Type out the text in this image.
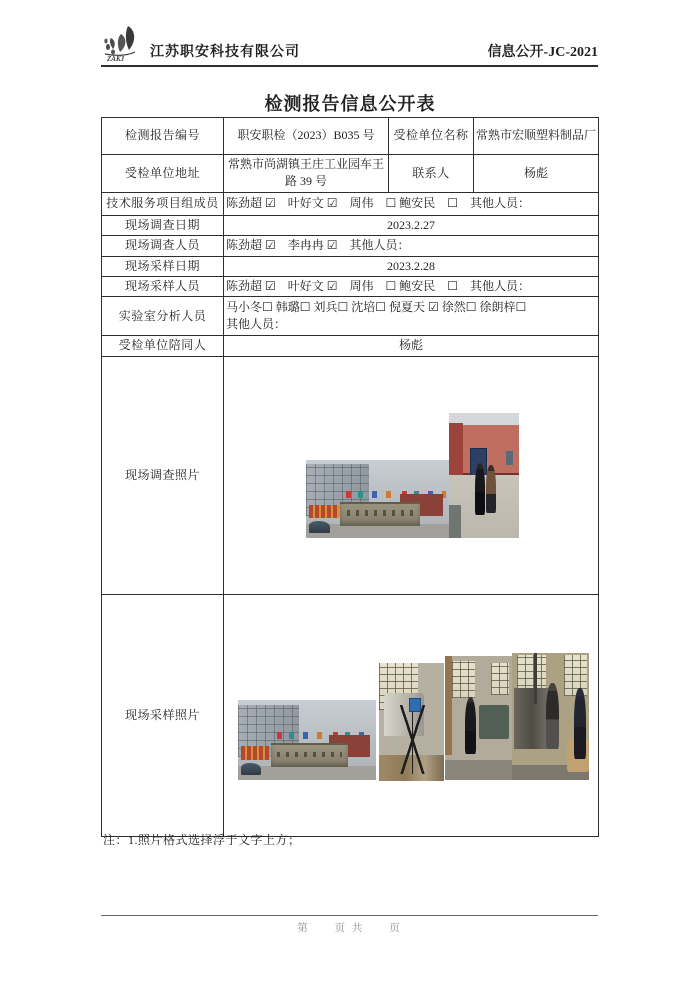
ZAKJ 江苏职安科技有限公司	信息公开-JC-2021
检测报告信息公开表
检测报告编号	职安职检（2023）B035 号	受检单位名称	常熟市宏顺塑料制品厂
受检单位地址	常熟市尚湖镇王庄工业园车王路 39 号	联系人	杨彪
技术服务项目组成员	陈劲超 ☑　叶好文 ☑　周伟　☐ 鲍安民　☐　其他人员：		
现场调查日期	2023.2.27		
现场调查人员	陈劲超 ☑　李冉冉 ☑　其他人员：		
现场采样日期	2023.2.28		
现场采样人员	陈劲超 ☑　叶好文 ☑　周伟　☐ 鲍安民　☐　其他人员：		
实验室分析人员	马小冬☐ 韩璐☐ 刘兵☐ 沈培☐ 倪夏天 ☑ 徐然☐ 徐朗梓☐
其他人员：		

受检单位陪同人	杨彪		
现场调查照片			

现场采样照片			
注：1.照片格式选择浮于文字上方；
第　　页 共　　页
